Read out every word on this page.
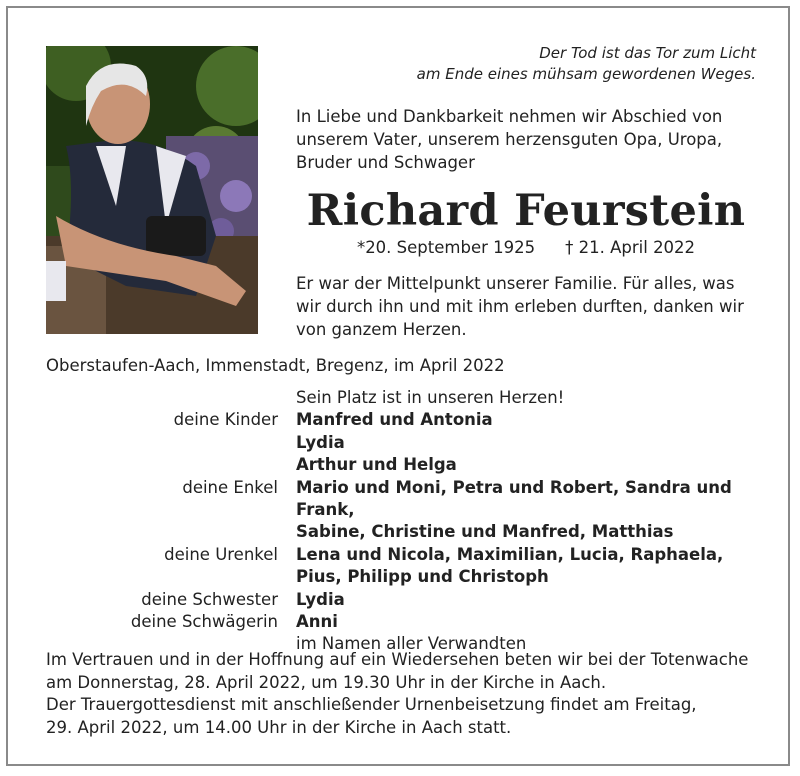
Der Tod ist das Tor zum Licht
am Ende eines mühsam gewordenen Weges.
In Liebe und Dankbarkeit nehmen wir Abschied von
unserem Vater, unserem herzensguten Opa, Uropa,
Bruder und Schwager
Richard Feurstein
*20. September 1925 † 21. April 2022
Er war der Mittelpunkt unserer Familie. Für alles, was
wir durch ihn und mit ihm erleben durften, danken wir
von ganzem Herzen.
Oberstaufen-Aach, Immenstadt, Bregenz, im April 2022
Sein Platz ist in unseren Herzen!
deine Kinder	Manfred und Antonia
Lydia
Arthur und Helga
deine Enkel	Mario und Moni, Petra und Robert, Sandra und Frank,
Sabine, Christine und Manfred, Matthias
deine Urenkel	Lena und Nicola, Maximilian, Lucia, Raphaela,
Pius, Philipp und Christoph
deine Schwester	Lydia
deine Schwägerin	Anni
im Namen aller Verwandten
Im Vertrauen und in der Hoffnung auf ein Wiedersehen beten wir bei der Totenwache
am Donnerstag, 28. April 2022, um 19.30 Uhr in der Kirche in Aach.
Der Trauergottesdienst mit anschließender Urnenbeisetzung findet am Freitag,
29. April 2022, um 14.00 Uhr in der Kirche in Aach statt.
